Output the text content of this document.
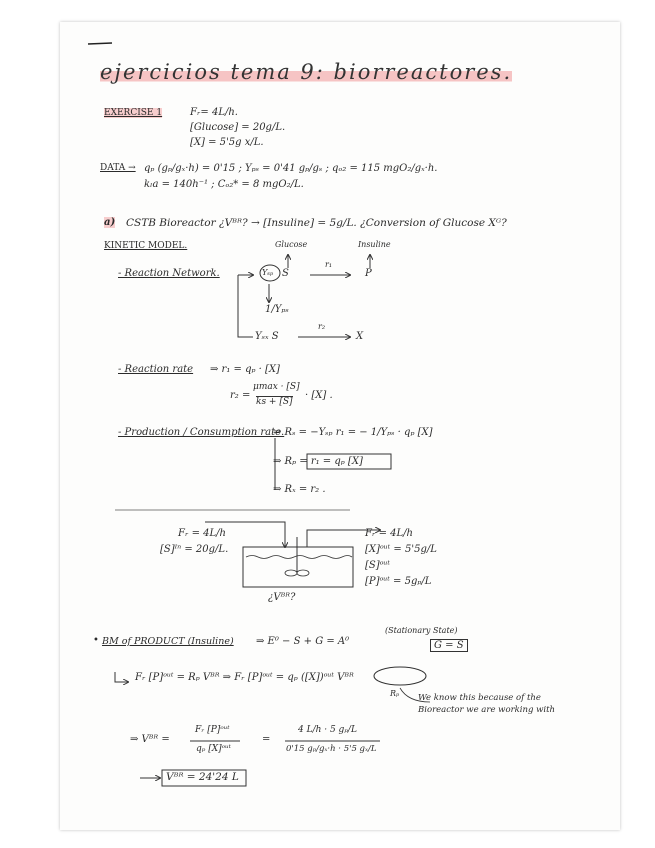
ejercicios tema 9: biorreactores.
EXERCISE 1	Fᵣ= 4L/h.
[Glucose] = 20g/L.
[X] = 5'5g x/L.
DATA → qₚ (gₚ/gₓ·h) = 0'15 ; Yₚₛ = 0'41 gₚ/gₛ ; qₒ₂ = 115 mgO₂/gₓ·h.
kₗa = 140h⁻¹ ; Cₒ₂* = 8 mgO₂/L.
a) CSTB Bioreactor ¿Vᴮᴿ? → [Insuline] = 5g/L. ¿Conversion of Glucose Xᴳ?
KINETIC MODEL.	Glucose	Insuline
- Reaction Network.	Yₛₚ S
r₁
P
1/Yₚₛ
Yₛₓ S
r₂
X
- Reaction rate ⇒ r₁ = qₚ · [X]
r₂ =
μmax · [S]
ks + [S]
· [X] .
- Production / Consumption rate.
⇒ Rₛ = −Yₛₚ r₁ = − 1/Yₚₛ · qₚ [X]
⇒ Rₚ = r₁ = qₚ [X]
⇒ Rₓ = r₂ .
Fᵣ = 4L/h
[S]ᴵⁿ = 20g/L.
Fᵣ = 4L/h
[X]ᵒᵘᵗ = 5'5g/L
[S]ᵒᵘᵗ
[P]ᵒᵘᵗ = 5gₚ/L
¿Vᴮᴿ?
• BM of PRODUCT (Insuline) ⇒ E⁰ − S + G = A⁰
(Stationary State)
G = S
Fᵣ [P]ᵒᵘᵗ = Rₚ Vᴮᴿ ⇒ Fᵣ [P]ᵒᵘᵗ = qₚ ([X])ᵒᵘᵗ Vᴮᴿ
Rₚ We know this because of the Bioreactor we are working with
⇒ Vᴮᴿ =
Fᵣ [P]ᵒᵘᵗ
qₚ [X]ᵒᵘᵗ
=
4 L/h · 5 gₚ/L
0'15 gₚ/gₓ·h · 5'5 gₓ/L
Vᴮᴿ = 24'24 L
